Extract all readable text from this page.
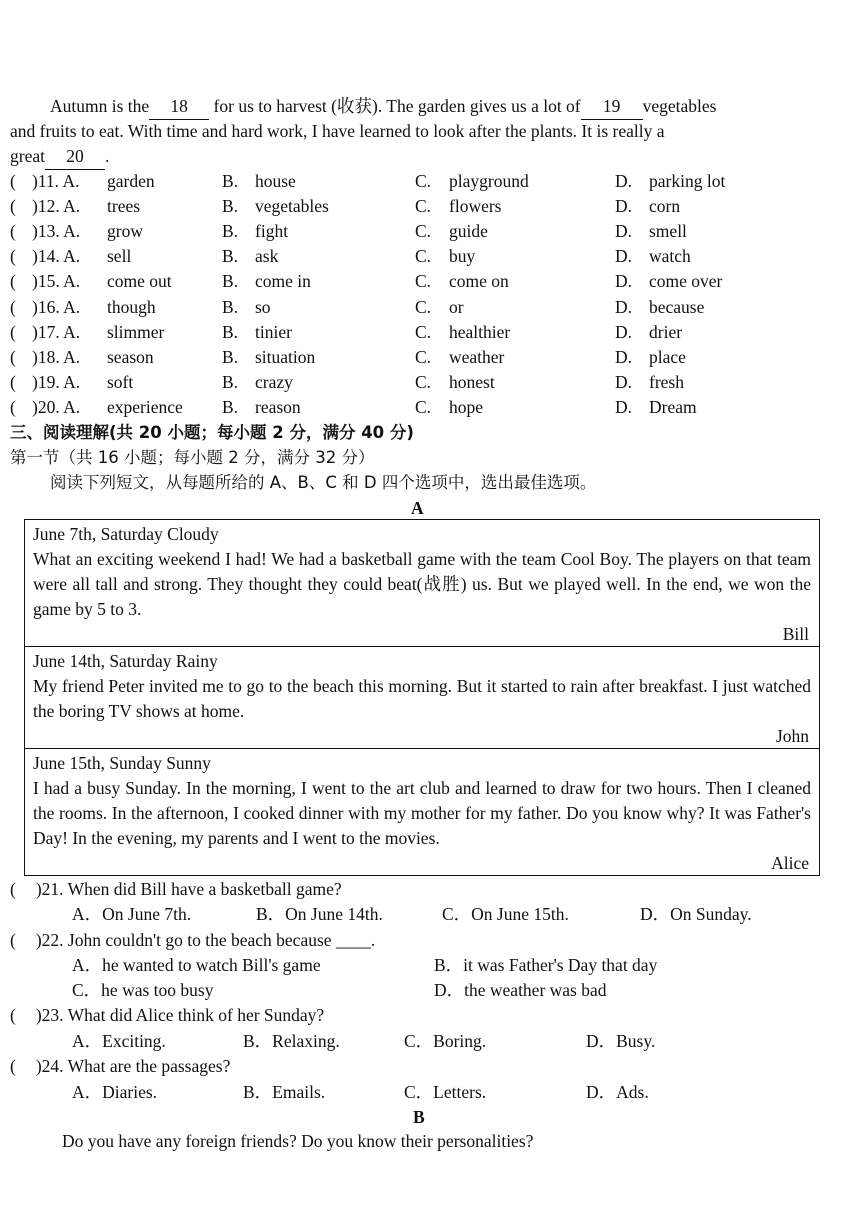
Autumn is the 18 for us to harvest (收获). The garden gives us a lot of 19 vegetables
and fruits to eat. With time and hard work, I have learned to look after the plants. It is really a
great 20 .
( )11. A. garden	B. house	C. playground	D. parking lot
( )12. A. trees	B. vegetables	C. flowers	D. corn
( )13. A. grow	B. fight	C. guide	D. smell
( )14. A. sell	B. ask	C. buy	D. watch
( )15. A. come out	B. come in	C. come on	D. come over
( )16. A. though	B. so	C. or	D. because
( )17. A. slimmer	B. tinier	C. healthier	D. drier
( )18. A. season	B. situation	C. weather	D. place
( )19. A. soft	B. crazy	C. honest	D. fresh
( )20. A. experience B. reason	C. hope	D. Dream
三、阅读理解(共 20 小题；每小题 2 分，满分 40 分)
第一节（共 16 小题；每小题 2 分，满分 32 分）
阅读下列短文，从每题所给的 A、B、C 和 D 四个选项中，选出最佳选项。
A
June 7th, Saturday Cloudy
What an exciting weekend I had! We had a basketball game with the team Cool Boy. The players on that team were all tall and strong. They thought they could beat(战胜) us. But we played well. In the end, we won the game by 5 to 3.
Bill
June 14th, Saturday Rainy
My friend Peter invited me to go to the beach this morning. But it started to rain after breakfast. I just watched the boring TV shows at home.
John
June 15th, Sunday Sunny
I had a busy Sunday. In the morning, I went to the art club and learned to draw for two hours. Then I cleaned the rooms. In the afternoon, I cooked dinner with my mother for my father. Do you know why? It was Father's Day! In the evening, my parents and I went to the movies.
Alice
( )21. When did Bill have a basketball game?
A．On June 7th.	B．On June 14th.	C．On June 15th.	D．On Sunday.
( )22. John couldn't go to the beach because ____.
A．he wanted to watch Bill's game	B．it was Father's Day that day
C．he was too busy	D．the weather was bad
( )23. What did Alice think of her Sunday?
A．Exciting.	B．Relaxing.	C．Boring.	D．Busy.
( )24. What are the passages?
A．Diaries.	B．Emails.	C．Letters.	D．Ads.
B
Do you have any foreign friends? Do you know their personalities?
